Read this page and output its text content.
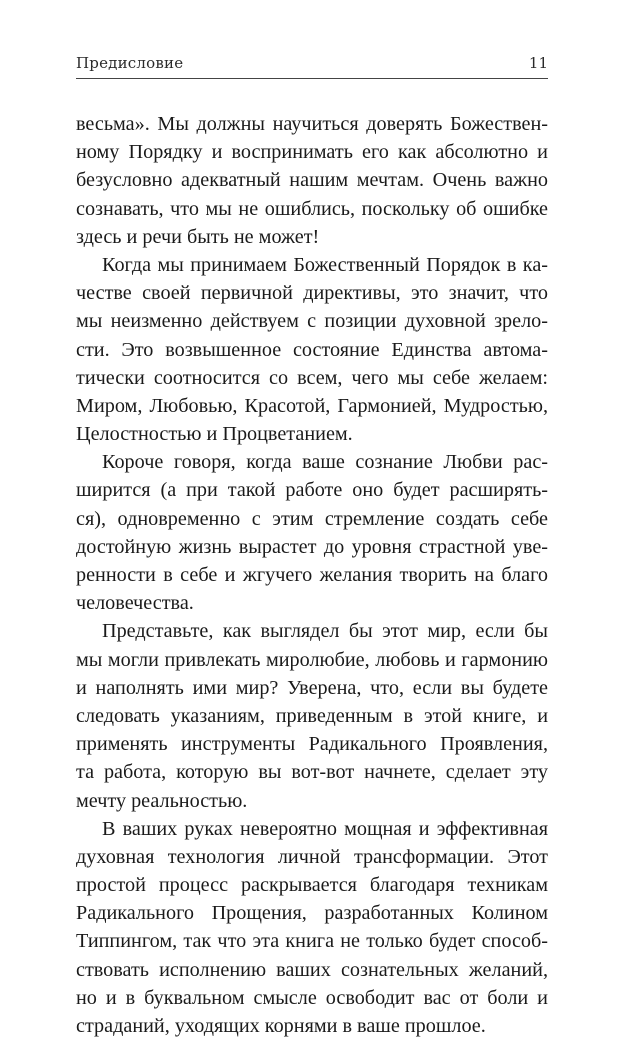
Предисловие	11
весьма». Мы должны научиться доверять Божествен-
ному Порядку и воспринимать его как абсолютно и
безусловно адекватный нашим мечтам. Очень важно
сознавать, что мы не ошиблись, поскольку об ошибке
здесь и речи быть не может!
Когда мы принимаем Божественный Порядок в ка-
честве своей первичной директивы, это значит, что
мы неизменно действуем с позиции духовной зрело-
сти. Это возвышенное состояние Единства автома-
тически соотносится со всем, чего мы себе желаем:
Миром, Любовью, Красотой, Гармонией, Мудростью,
Целостностью и Процветанием.
Короче говоря, когда ваше сознание Любви рас-
ширится (а при такой работе оно будет расширять-
ся), одновременно с этим стремление создать себе
достойную жизнь вырастет до уровня страстной уве-
ренности в себе и жгучего желания творить на благо
человечества.
Представьте, как выглядел бы этот мир, если бы
мы могли привлекать миролюбие, любовь и гармонию
и наполнять ими мир? Уверена, что, если вы будете
следовать указаниям, приведенным в этой книге, и
применять инструменты Радикального Проявления,
та работа, которую вы вот-вот начнете, сделает эту
мечту реальностью.
В ваших руках невероятно мощная и эффективная
духовная технология личной трансформации. Этот
простой процесс раскрывается благодаря техникам
Радикального Прощения, разработанных Колином
Типпингом, так что эта книга не только будет способ-
ствовать исполнению ваших сознательных желаний,
но и в буквальном смысле освободит вас от боли и
страданий, уходящих корнями в ваше прошлое.
